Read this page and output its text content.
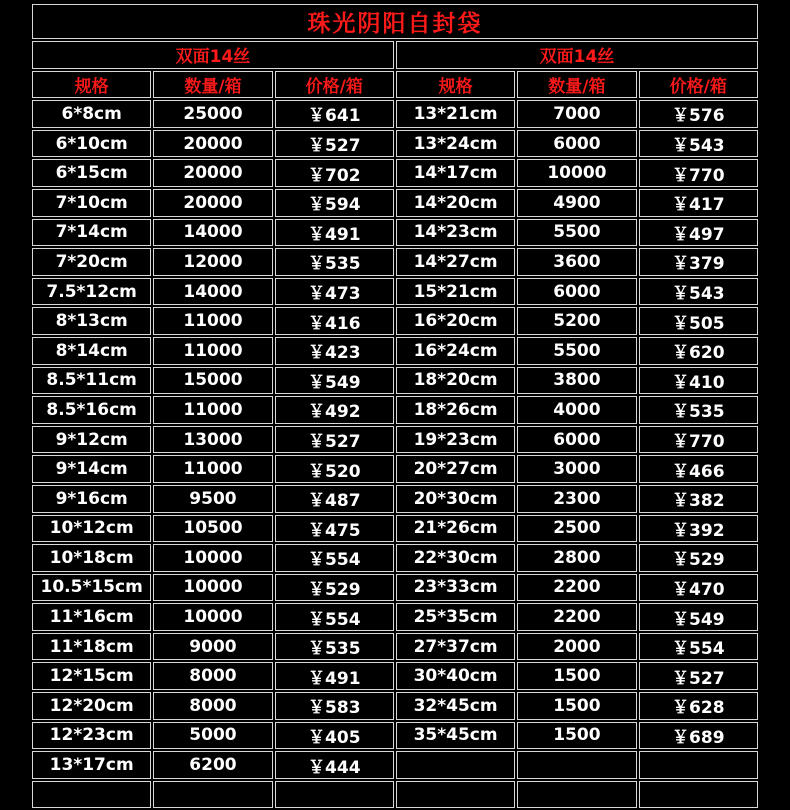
珠光阴阳自封袋					
双面14丝			双面14丝		
规格	数量/箱	价格/箱	规格	数量/箱	价格/箱
6*8cm	25000	￥641	13*21cm	7000	￥576
6*10cm	20000	￥527	13*24cm	6000	￥543
6*15cm	20000	￥702	14*17cm	10000	￥770
7*10cm	20000	￥594	14*20cm	4900	￥417
7*14cm	14000	￥491	14*23cm	5500	￥497
7*20cm	12000	￥535	14*27cm	3600	￥379
7.5*12cm	14000	￥473	15*21cm	6000	￥543
8*13cm	11000	￥416	16*20cm	5200	￥505
8*14cm	11000	￥423	16*24cm	5500	￥620
8.5*11cm	15000	￥549	18*20cm	3800	￥410
8.5*16cm	11000	￥492	18*26cm	4000	￥535
9*12cm	13000	￥527	19*23cm	6000	￥770
9*14cm	11000	￥520	20*27cm	3000	￥466
9*16cm	9500	￥487	20*30cm	2300	￥382
10*12cm	10500	￥475	21*26cm	2500	￥392
10*18cm	10000	￥554	22*30cm	2800	￥529
10.5*15cm	10000	￥529	23*33cm	2200	￥470
11*16cm	10000	￥554	25*35cm	2200	￥549
11*18cm	9000	￥535	27*37cm	2000	￥554
12*15cm	8000	￥491	30*40cm	1500	￥527
12*20cm	8000	￥583	32*45cm	1500	￥628
12*23cm	5000	￥405	35*45cm	1500	￥689
13*17cm	6200	￥444			
